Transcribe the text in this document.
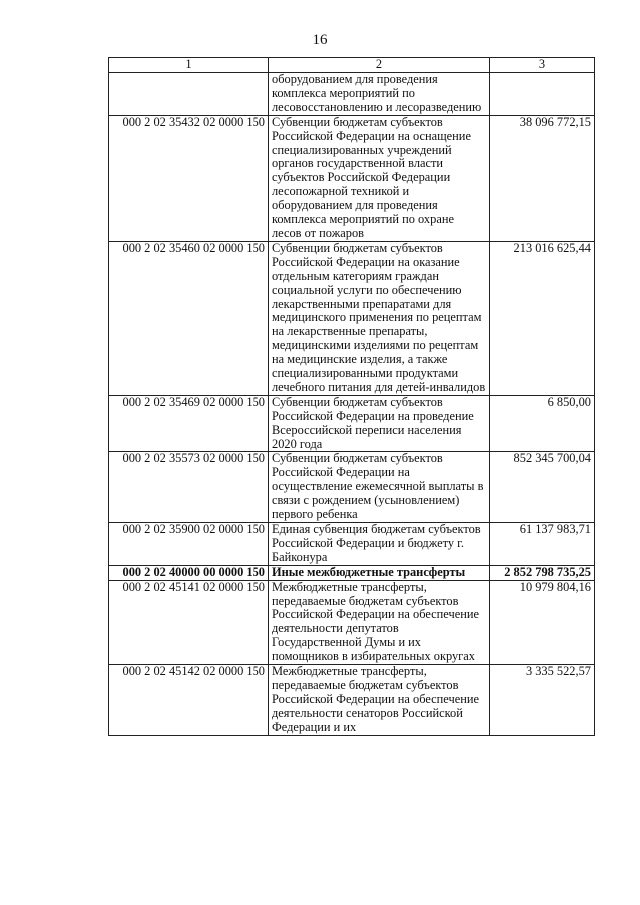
16
1	2	3
	оборудованием для проведения комплекса мероприятий по лесовосстановлению и лесоразведению	
000 2 02 35432 02 0000 150	Субвенции бюджетам субъектов Российской Федерации на оснащение специализированных учреждений органов государственной власти субъектов Российской Федерации лесопожарной техникой и оборудованием для проведения комплекса мероприятий по охране лесов от пожаров	38 096 772,15
000 2 02 35460 02 0000 150	Субвенции бюджетам субъектов Российской Федерации на оказание отдельным категориям граждан социальной услуги по обеспечению лекарственными препаратами для медицинского применения по рецептам на лекарственные препараты, медицинскими изделиями по рецептам на медицинские изделия, а также специализированными продуктами лечебного питания для детей-инвалидов	213 016 625,44
000 2 02 35469 02 0000 150	Субвенции бюджетам субъектов Российской Федерации на проведение Всероссийской переписи населения 2020 года	6 850,00
000 2 02 35573 02 0000 150	Субвенции бюджетам субъектов Российской Федерации на осуществление ежемесячной выплаты в связи с рождением (усыновлением) первого ребенка	852 345 700,04
000 2 02 35900 02 0000 150	Единая субвенция бюджетам субъектов Российской Федерации и бюджету г. Байконура	61 137 983,71
000 2 02 40000 00 0000 150	Иные межбюджетные трансферты	2 852 798 735,25
000 2 02 45141 02 0000 150	Межбюджетные трансферты, передаваемые бюджетам субъектов Российской Федерации на обеспечение деятельности депутатов Государственной Думы и их помощников в избирательных округах	10 979 804,16
000 2 02 45142 02 0000 150	Межбюджетные трансферты, передаваемые бюджетам субъектов Российской Федерации на обеспечение деятельности сенаторов Российской Федерации и их	3 335 522,57
